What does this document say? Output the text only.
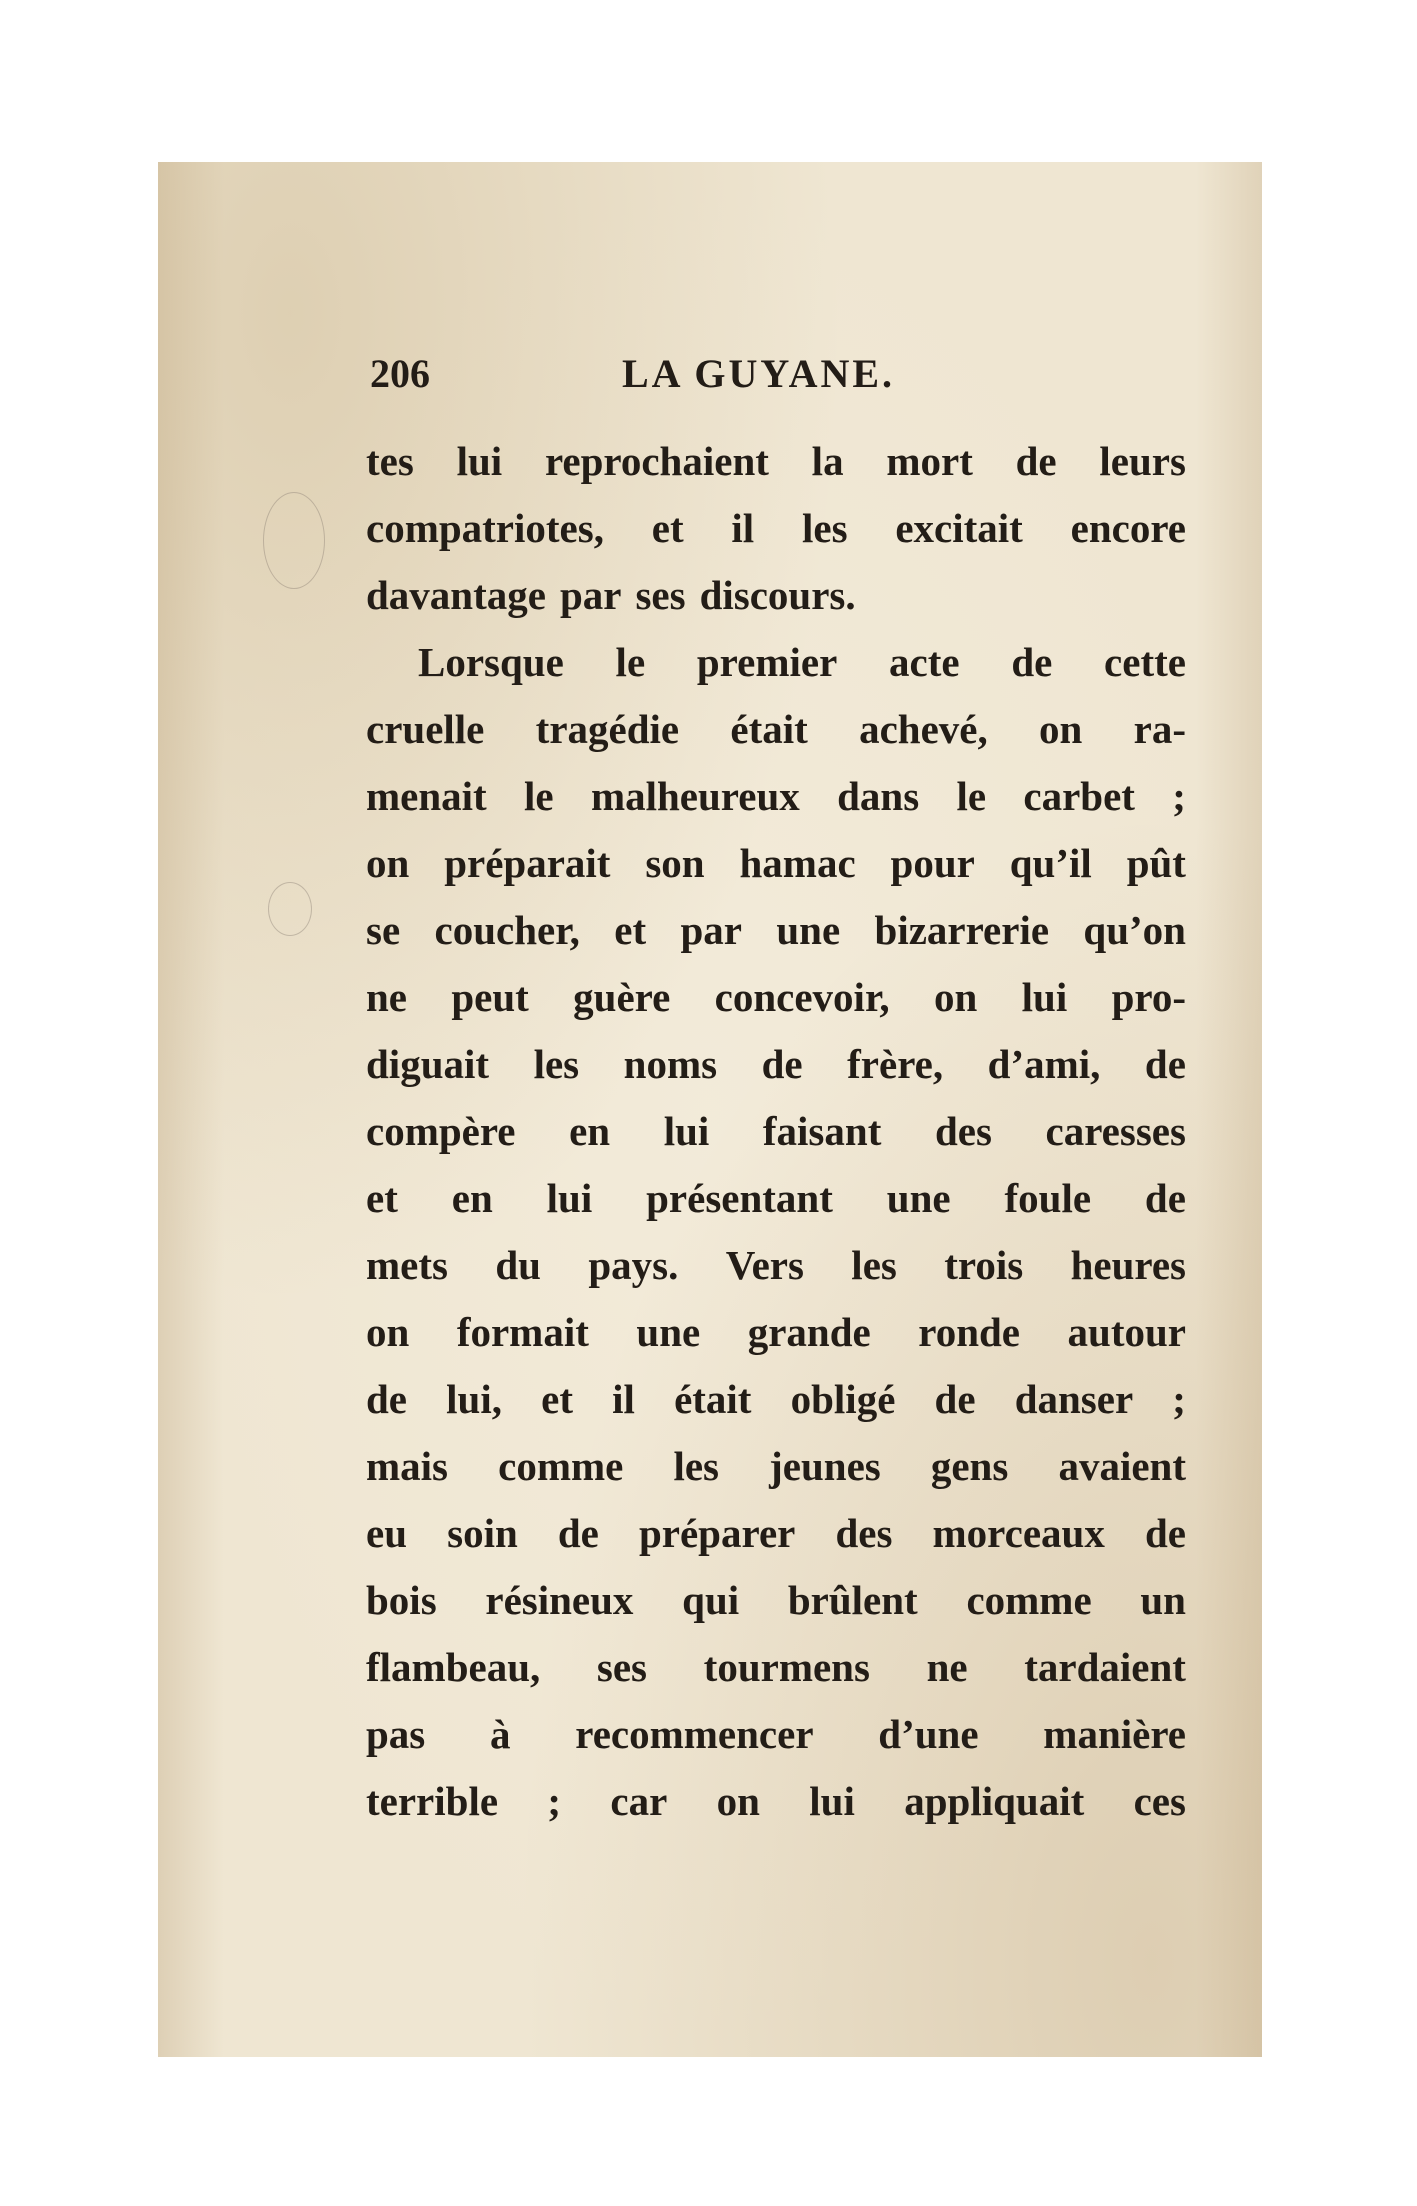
206	LA GUYANE.
tes lui reprochaient la mort de leurs
compatriotes, et il les excitait encore
davantage par ses discours.
Lorsque le premier acte de cette
cruelle tragédie était achevé, on ra-
menait le malheureux dans le carbet ;
on préparait son hamac pour qu’il pût
se coucher, et par une bizarrerie qu’on
ne peut guère concevoir, on lui pro-
diguait les noms de frère, d’ami, de
compère en lui faisant des caresses
et en lui présentant une foule de
mets du pays. Vers les trois heures
on formait une grande ronde autour
de lui, et il était obligé de danser ;
mais comme les jeunes gens avaient
eu soin de préparer des morceaux de
bois résineux qui brûlent comme un
flambeau, ses tourmens ne tardaient
pas à recommencer d’une manière
terrible ; car on lui appliquait ces
